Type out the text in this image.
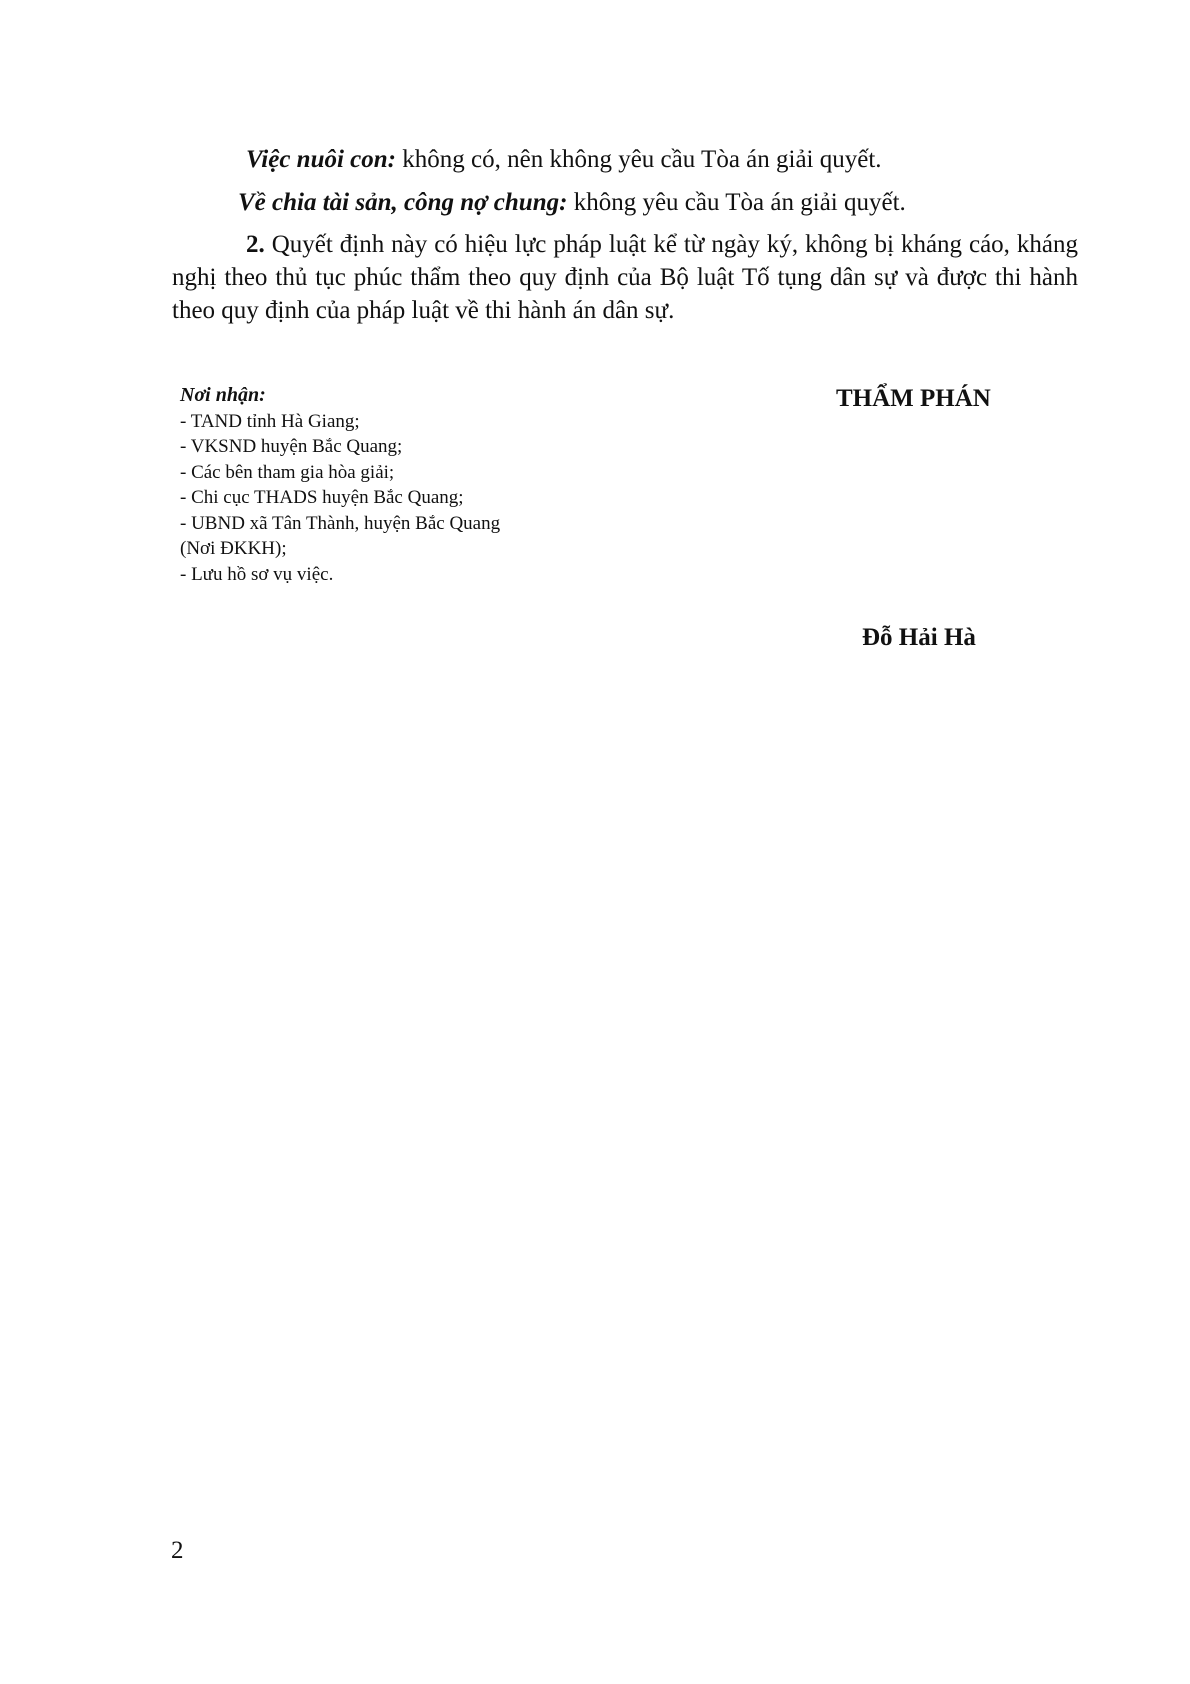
Việc nuôi con: không có, nên không yêu cầu Tòa án giải quyết.
Về chia tài sản, công nợ chung: không yêu cầu Tòa án giải quyết.
2. Quyết định này có hiệu lực pháp luật kể từ ngày ký, không bị kháng cáo, kháng nghị theo thủ tục phúc thẩm theo quy định của Bộ luật Tố tụng dân sự và được thi hành theo quy định của pháp luật về thi hành án dân sự.
Nơi nhận:
- TAND tỉnh Hà Giang;
- VKSND huyện Bắc Quang;
- Các bên tham gia hòa giải;
- Chi cục THADS huyện Bắc Quang;
- UBND xã Tân Thành, huyện Bắc Quang
(Nơi ĐKKH);
- Lưu hồ sơ vụ việc.
THẨM PHÁN
Đỗ Hải Hà
2
